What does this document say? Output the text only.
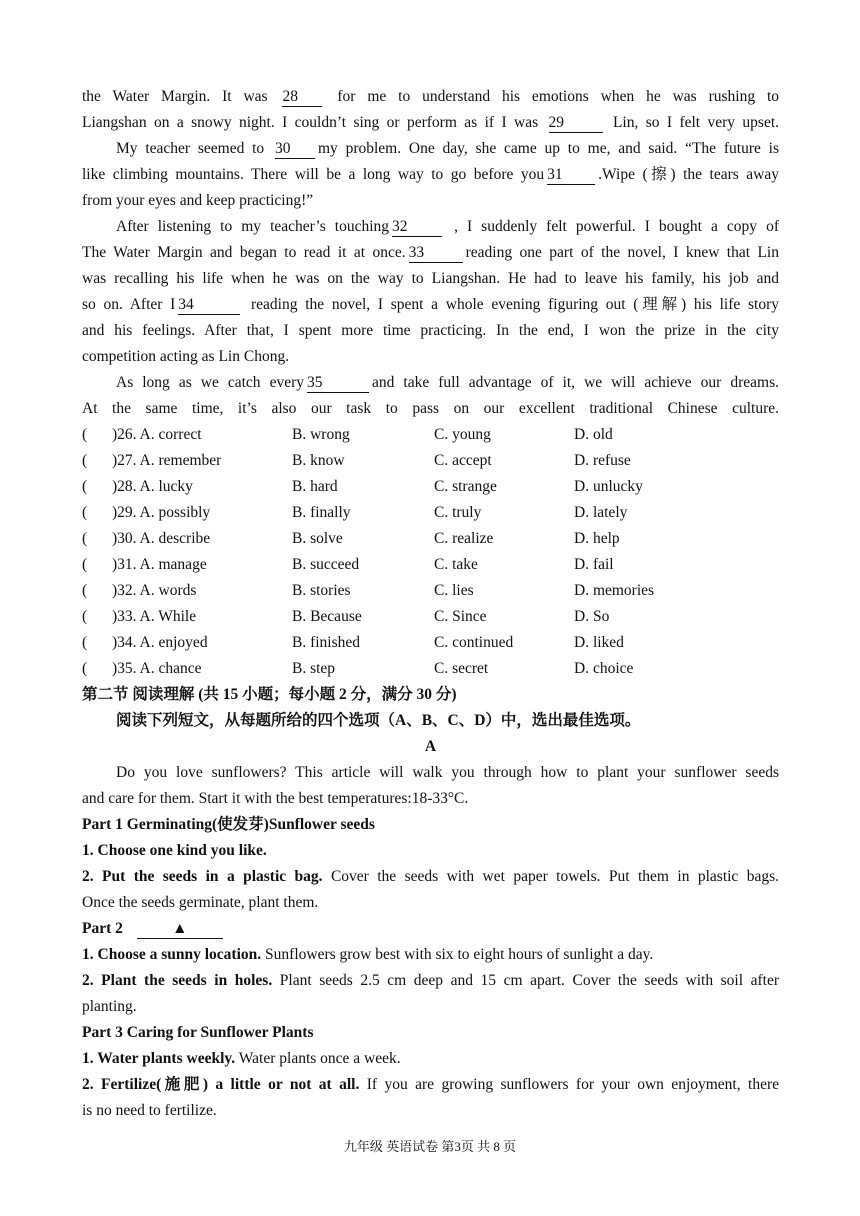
the Water Margin. It was 28	for me to understand his emotions when he was rushing to
Liangshan on a snowy night. I couldn’t sing or perform as if I was 29	Lin, so I felt very upset.
My teacher seemed to 30 my problem. One day, she came up to me, and said. “The future is
like climbing mountains. There will be a long way to go before you 31 .Wipe (擦) the tears away
from your eyes and keep practicing!”
After listening to my teacher’s touching 32	, I suddenly felt powerful. I bought a copy of
The Water Margin and began to read it at once. 33	reading one part of the novel, I knew that Lin
was recalling his life when he was on the way to Liangshan. He had to leave his family, his job and
so on. After I 34	reading the novel, I spent a whole evening figuring out (理解) his life story
and his feelings. After that, I spent more time practicing. In the end, I won the prize in the city
competition acting as Lin Chong.
As long as we catch every 35	and take full advantage of it, we will achieve our dreams.
At the same time, it’s also our task to pass on our excellent traditional Chinese culture.
(	)26. A. correct	B. wrong	C. young	D. old
(	)27. A. remember	B. know	C. accept	D. refuse
(	)28. A. lucky	B. hard	C. strange	D. unlucky
(	)29. A. possibly	B. finally	C. truly	D. lately
(	)30. A. describe	B. solve	C. realize	D. help
(	)31. A. manage	B. succeed	C. take	D. fail
(	)32. A. words	B. stories	C. lies	D. memories
(	)33. A. While	B. Because	C. Since	D. So
(	)34. A. enjoyed	B. finished	C. continued	D. liked
(	)35. A. chance	B. step	C. secret	D. choice
第二节 阅读理解 (共 15 小题；每小题 2 分，满分 30 分)
阅读下列短文，从每题所给的四个选项（A、B、C、D）中，选出最佳选项。
A
Do you love sunflowers? This article will walk you through how to plant your sunflower seeds
and care for them. Start it with the best temperatures:18-33°C.
Part 1 Germinating(使发芽)Sunflower seeds
1. Choose one kind you like.
2. Put the seeds in a plastic bag. Cover the seeds with wet paper towels. Put them in plastic bags.
Once the seeds germinate, plant them.
Part 2	▲
1. Choose a sunny location. Sunflowers grow best with six to eight hours of sunlight a day.
2. Plant the seeds in holes. Plant seeds 2.5 cm deep and 15 cm apart. Cover the seeds with soil after
planting.
Part 3 Caring for Sunflower Plants
1. Water plants weekly. Water plants once a week.
2. Fertilize(施肥) a little or not at all. If you are growing sunflowers for your own enjoyment, there
is no need to fertilize.
九年级 英语试卷 第3页 共 8 页
